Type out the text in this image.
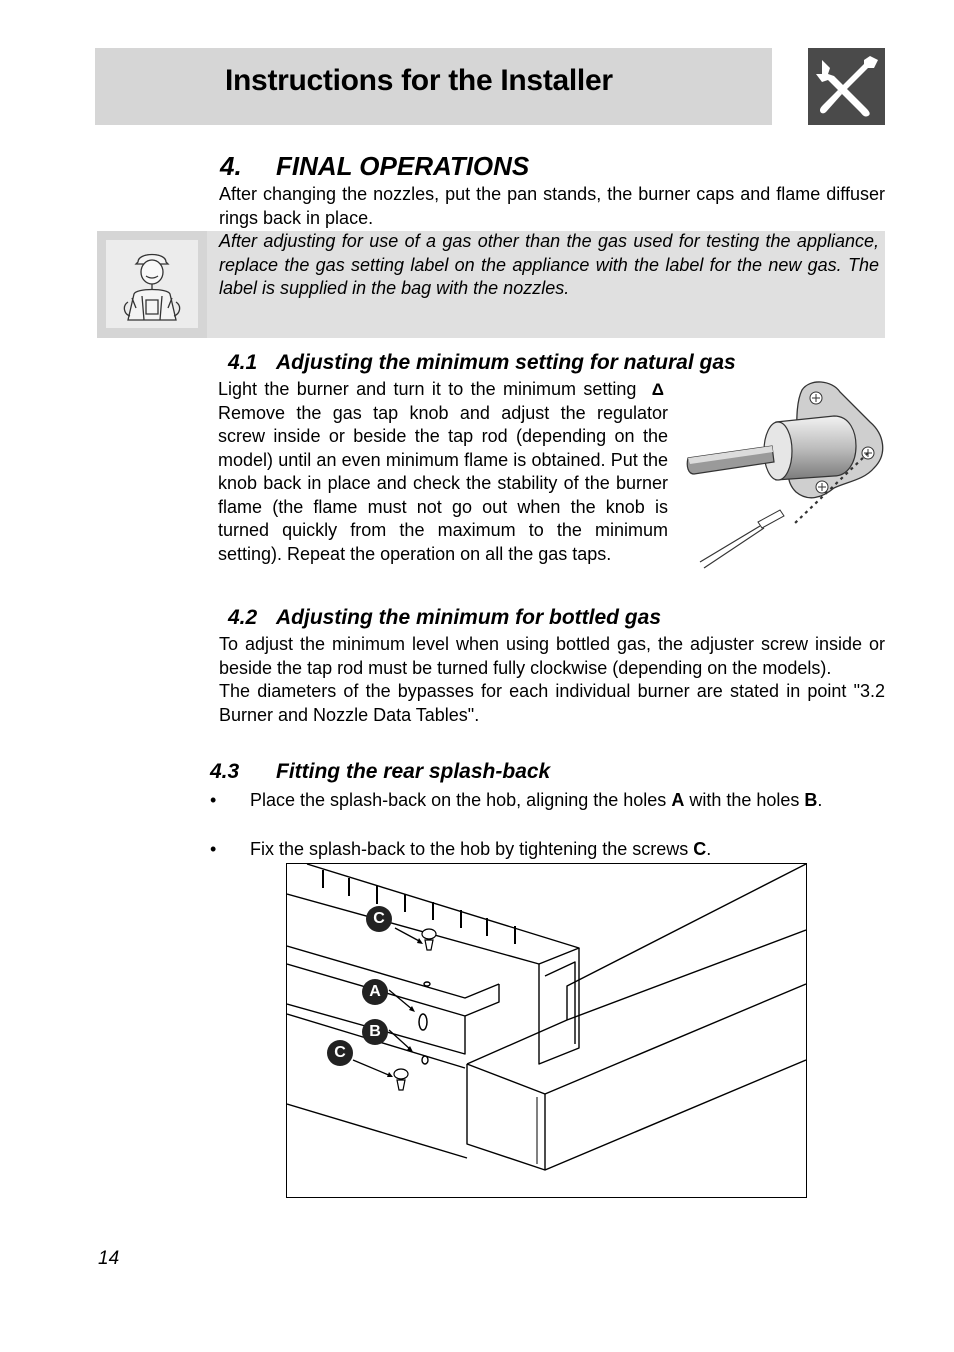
Instructions for the Installer
4. FINAL OPERATIONS
After changing the nozzles, put the pan stands, the burner caps and flame diffuser rings back in place.
After adjusting for use of a gas other than the gas used for testing the appliance, replace the gas setting label on the appliance with the label for the new gas. The label is supplied in the bag with the nozzles.
4.1 Adjusting the minimum setting for natural gas
Light the burner and turn it to the minimum setting Δ Remove the gas tap knob and adjust the regulator screw inside or beside the tap rod (depending on the model) until an even minimum flame is obtained. Put the knob back in place and check the stability of the burner flame (the flame must not go out when the knob is turned quickly from the maximum to the minimum setting). Repeat the operation on all the gas taps.
4.2 Adjusting the minimum for bottled gas
To adjust the minimum level when using bottled gas, the adjuster screw inside or beside the tap rod must be turned fully clockwise (depending on the models).
The diameters of the bypasses for each individual burner are stated in point "3.2 Burner and Nozzle Data Tables".
4.3 Fitting the rear splash-back
• Place the splash-back on the hob, aligning the holes A with the holes B.
• Fix the splash-back to the hob by tightening the screws C.
C
A
B
C
14
